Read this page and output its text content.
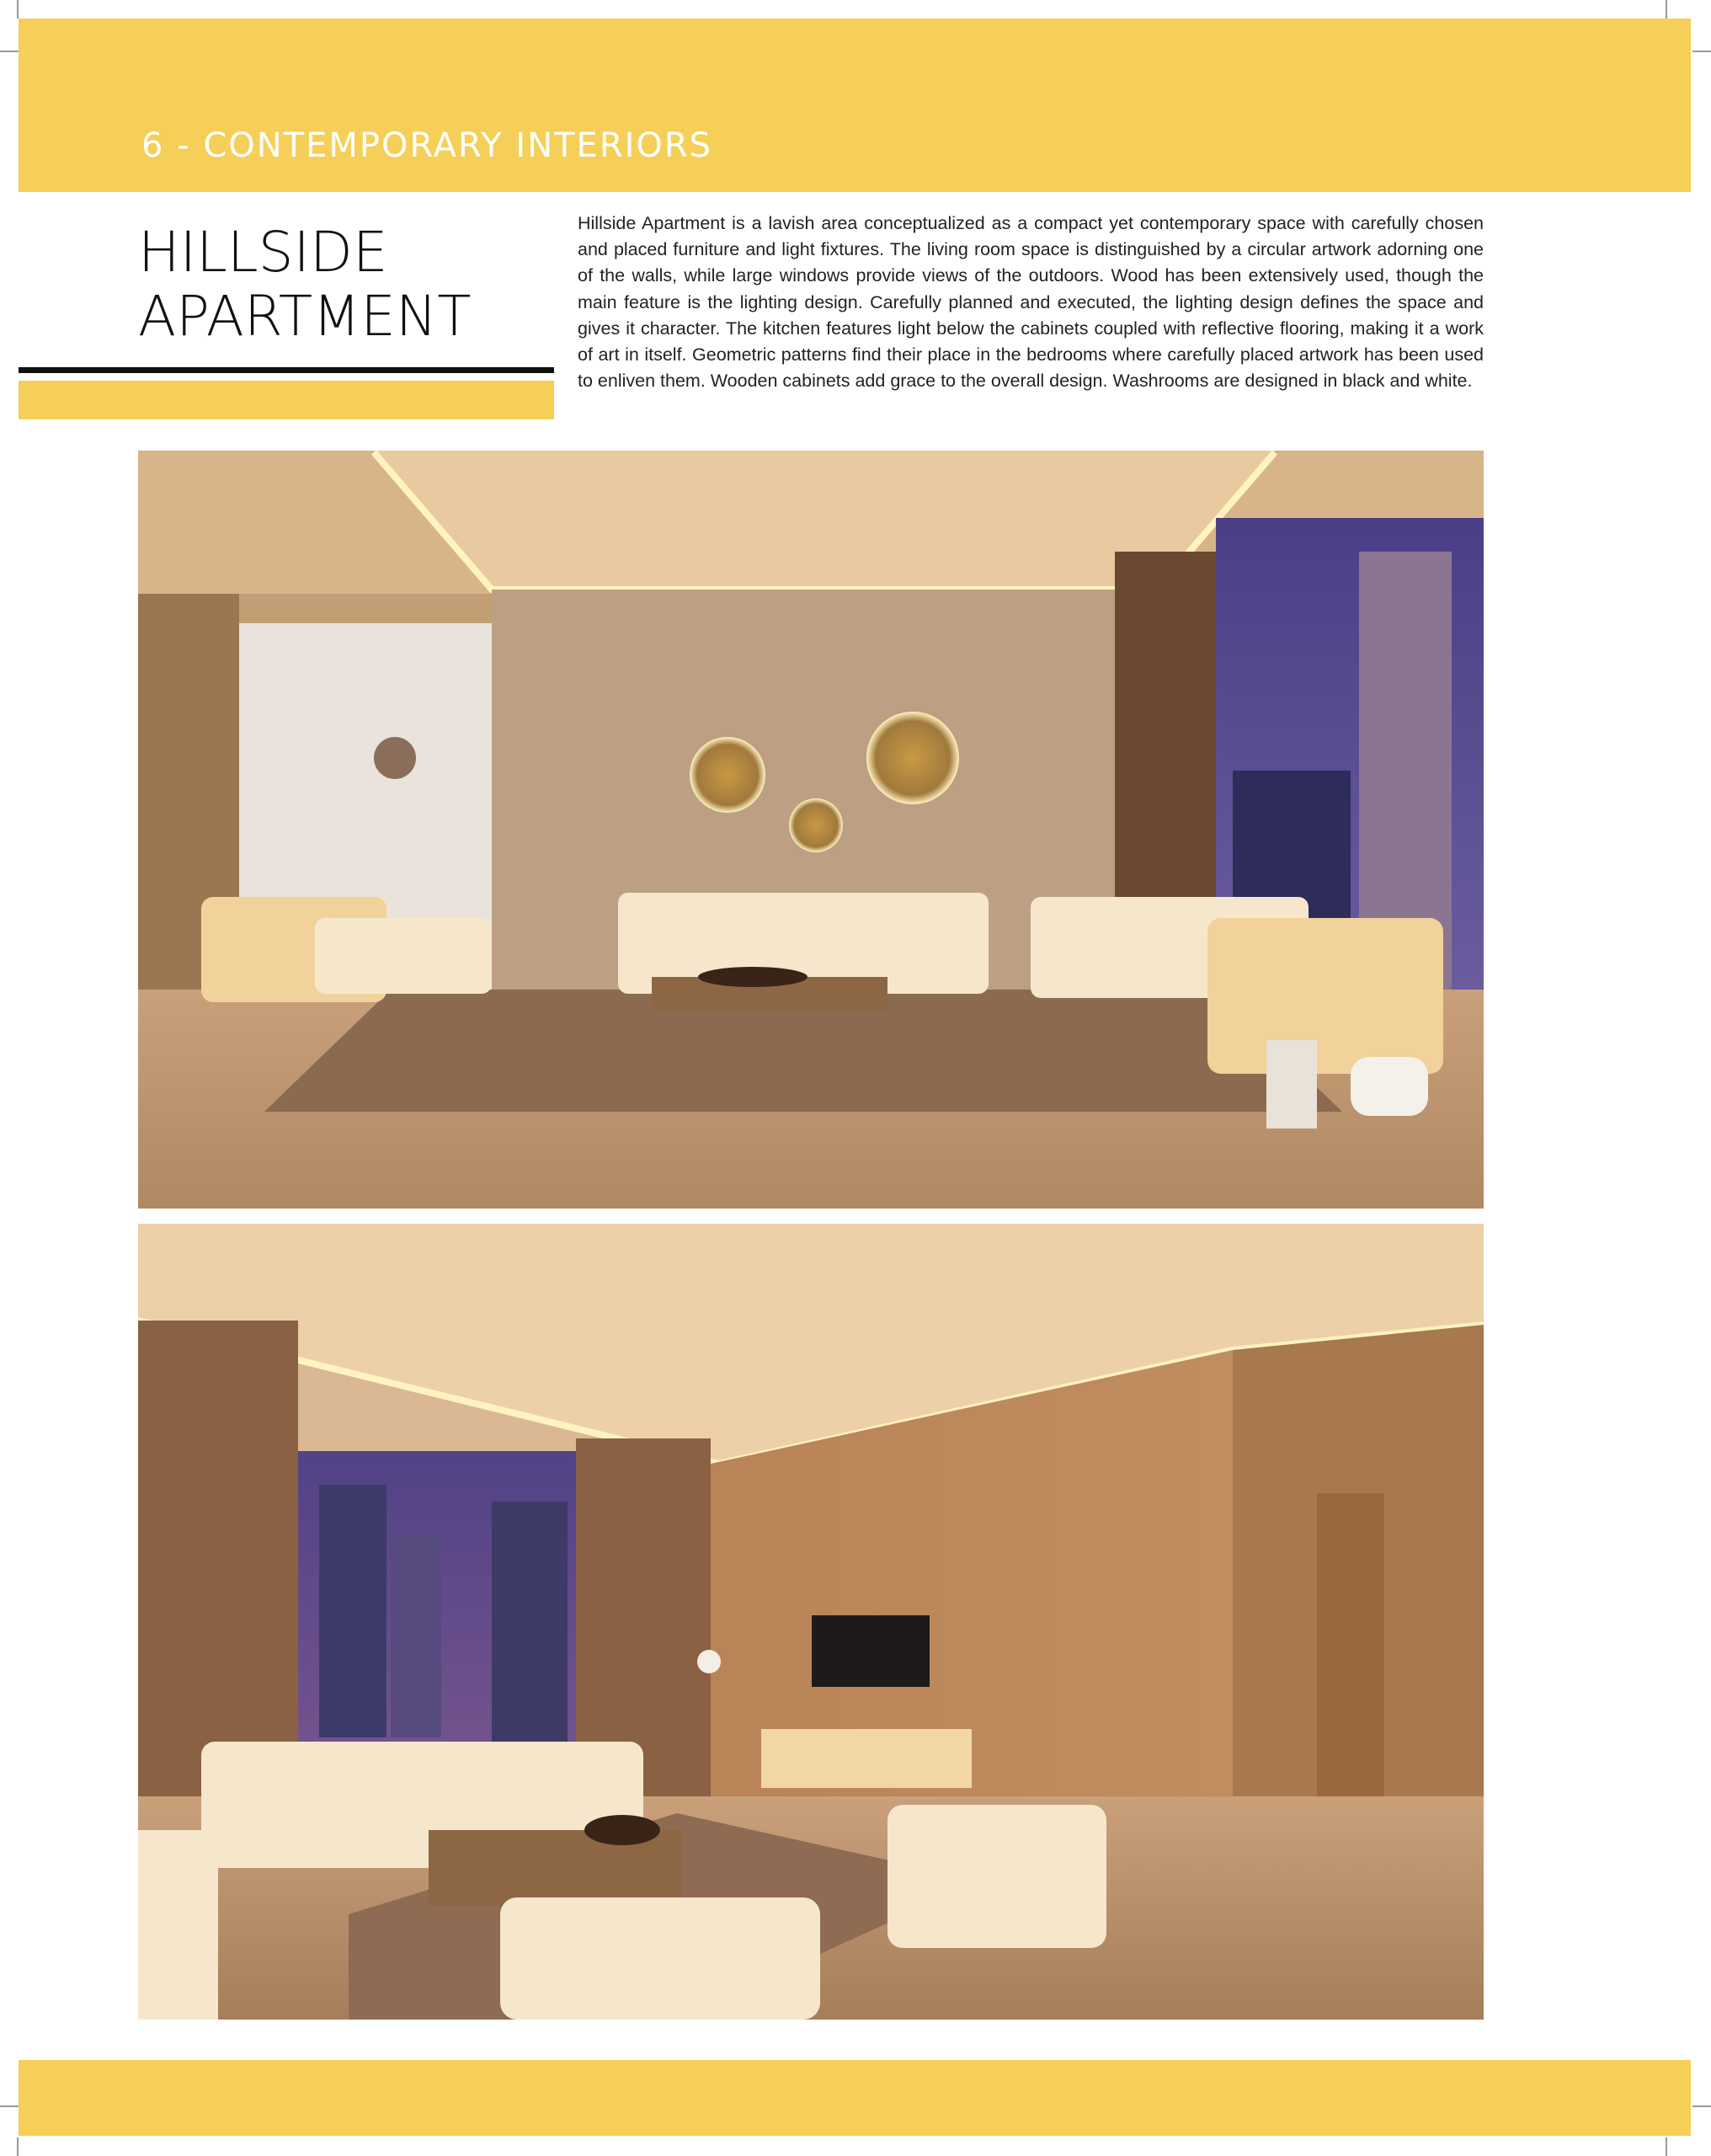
6 - CONTEMPORARY INTERIORS
HILLSIDE
APARTMENT

Hillside Apartment is a lavish area conceptualized as a compact yet contemporary space with carefully chosen and placed furniture and light fixtures. The living room space is distinguished by a circular artwork adorning one of the walls, while large windows provide views of the outdoors. Wood has been extensively used, though the main feature is the lighting design. Carefully planned and executed, the lighting design defines the space and gives it character. The kitchen features light below the cabinets coupled with reflective flooring, making it a work of art in itself. Geometric patterns find their place in the bedrooms where carefully placed artwork has been used to enliven them. Wooden cabinets add grace to the overall design. Washrooms are designed in black and white.
